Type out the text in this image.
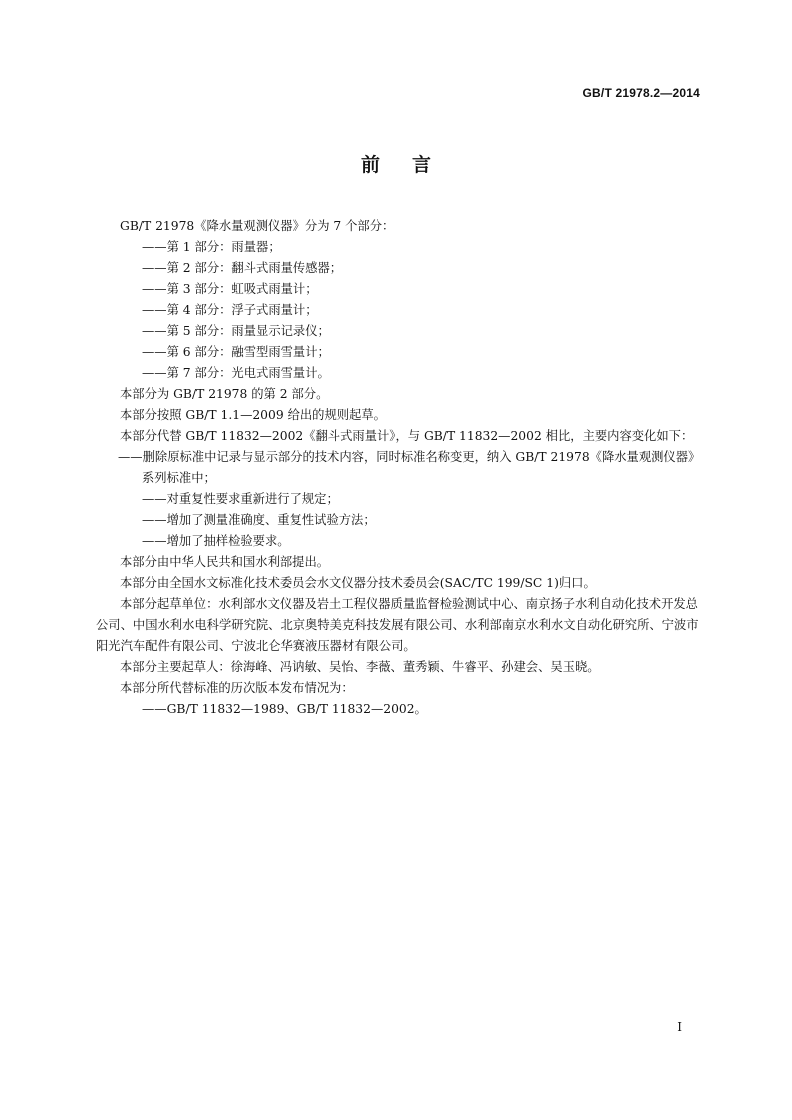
GB/T 21978.2—2014
前言

GB/T 21978《降水量观测仪器》分为 7 个部分：

——第 1 部分：雨量器；

——第 2 部分：翻斗式雨量传感器；

——第 3 部分：虹吸式雨量计；

——第 4 部分：浮子式雨量计；

——第 5 部分：雨量显示记录仪；

——第 6 部分：融雪型雨雪量计；

——第 7 部分：光电式雨雪量计。

本部分为 GB/T 21978 的第 2 部分。

本部分按照 GB/T 1.1—2009 给出的规则起草。

本部分代替 GB/T 11832—2002《翻斗式雨量计》，与 GB/T 11832—2002 相比，主要内容变化如下：

——删除原标准中记录与显示部分的技术内容，同时标准名称变更，纳入 GB/T 21978《降水量观测仪器》系列标准中；

——对重复性要求重新进行了规定；

——增加了测量准确度、重复性试验方法；

——增加了抽样检验要求。

本部分由中华人民共和国水利部提出。

本部分由全国水文标准化技术委员会水文仪器分技术委员会(SAC/TC 199/SC 1)归口。

本部分起草单位：水利部水文仪器及岩土工程仪器质量监督检验测试中心、南京扬子水利自动化技术开发总公司、中国水利水电科学研究院、北京奥特美克科技发展有限公司、水利部南京水利水文自动化研究所、宁波市阳光汽车配件有限公司、宁波北仑华赛液压器材有限公司。

本部分主要起草人：徐海峰、冯讷敏、吴怡、李薇、董秀颖、牛睿平、孙建会、吴玉晓。

本部分所代替标准的历次版本发布情况为：

——GB/T 11832—1989、GB/T 11832—2002。

I
